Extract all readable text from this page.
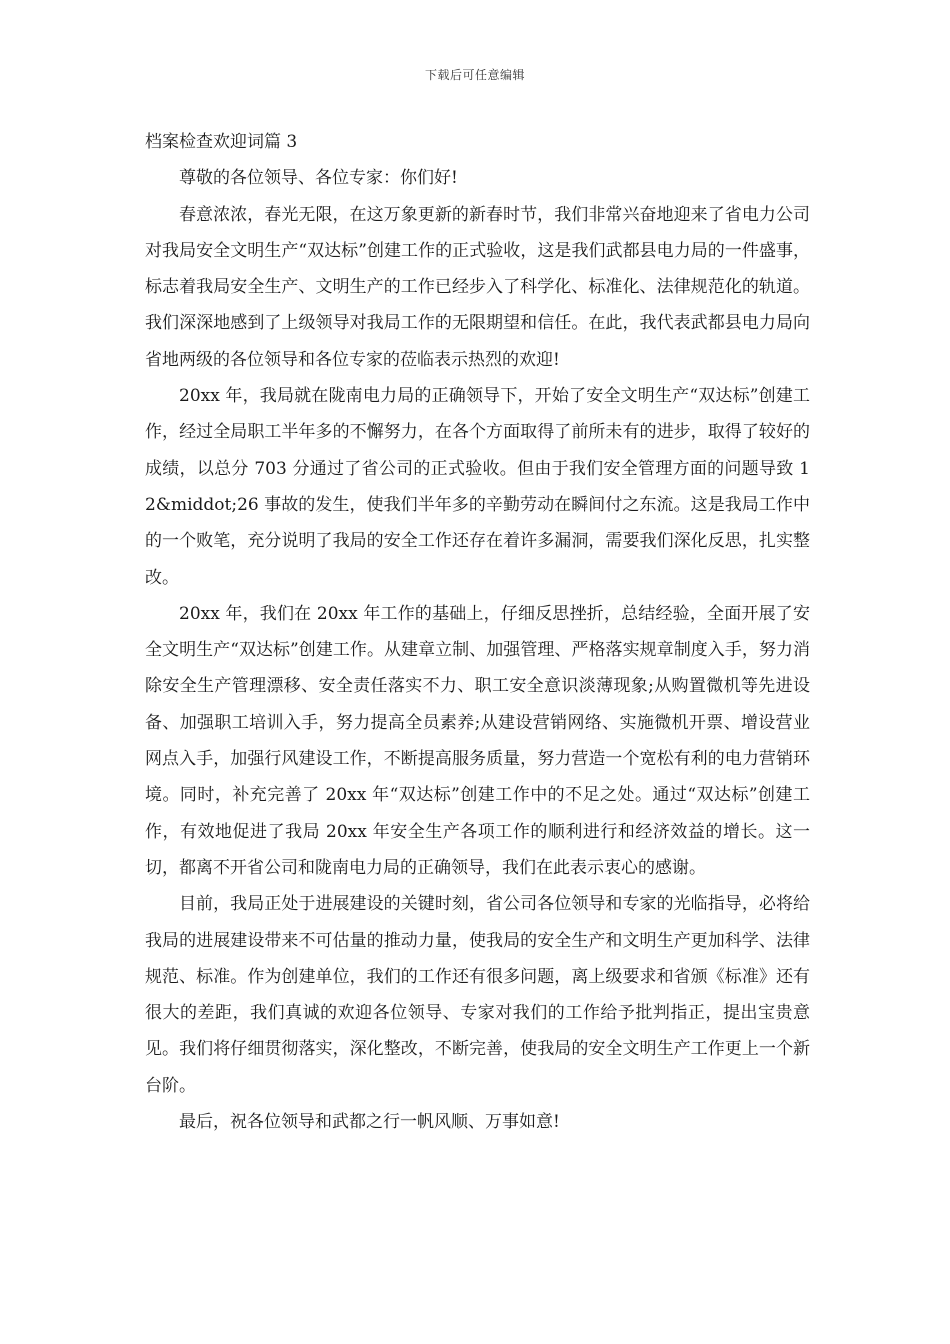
下载后可任意编辑
档案检查欢迎词篇 3

尊敬的各位领导、各位专家：你们好!

春意浓浓，春光无限，在这万象更新的新春时节，我们非常兴奋地迎来了省电力公司对我局安全文明生产“双达标”创建工作的正式验收，这是我们武都县电力局的一件盛事，标志着我局安全生产、文明生产的工作已经步入了科学化、标准化、法律规范化的轨道。我们深深地感到了上级领导对我局工作的无限期望和信任。在此，我代表武都县电力局向省地两级的各位领导和各位专家的莅临表示热烈的欢迎!

20xx 年，我局就在陇南电力局的正确领导下，开始了安全文明生产“双达标”创建工作，经过全局职工半年多的不懈努力，在各个方面取得了前所未有的进步，取得了较好的成绩，以总分 703 分通过了省公司的正式验收。但由于我们安全管理方面的问题导致 12&middot;26 事故的发生，使我们半年多的辛勤劳动在瞬间付之东流。这是我局工作中的一个败笔，充分说明了我局的安全工作还存在着许多漏洞，需要我们深化反思，扎实整改。

20xx 年，我们在 20xx 年工作的基础上，仔细反思挫折，总结经验，全面开展了安全文明生产“双达标”创建工作。从建章立制、加强管理、严格落实规章制度入手，努力消除安全生产管理漂移、安全责任落实不力、职工安全意识淡薄现象;从购置微机等先进设备、加强职工培训入手，努力提高全员素养;从建设营销网络、实施微机开票、增设营业网点入手，加强行风建设工作，不断提高服务质量，努力营造一个宽松有利的电力营销环境。同时，补充完善了 20xx 年“双达标”创建工作中的不足之处。通过“双达标”创建工作，有效地促进了我局 20xx 年安全生产各项工作的顺利进行和经济效益的增长。这一切，都离不开省公司和陇南电力局的正确领导，我们在此表示衷心的感谢。

目前，我局正处于进展建设的关键时刻，省公司各位领导和专家的光临指导，必将给我局的进展建设带来不可估量的推动力量，使我局的安全生产和文明生产更加科学、法律规范、标准。作为创建单位，我们的工作还有很多问题，离上级要求和省颁《标准》还有很大的差距，我们真诚的欢迎各位领导、专家对我们的工作给予批判指正，提出宝贵意见。我们将仔细贯彻落实，深化整改，不断完善，使我局的安全文明生产工作更上一个新台阶。

最后，祝各位领导和武都之行一帆风顺、万事如意!
